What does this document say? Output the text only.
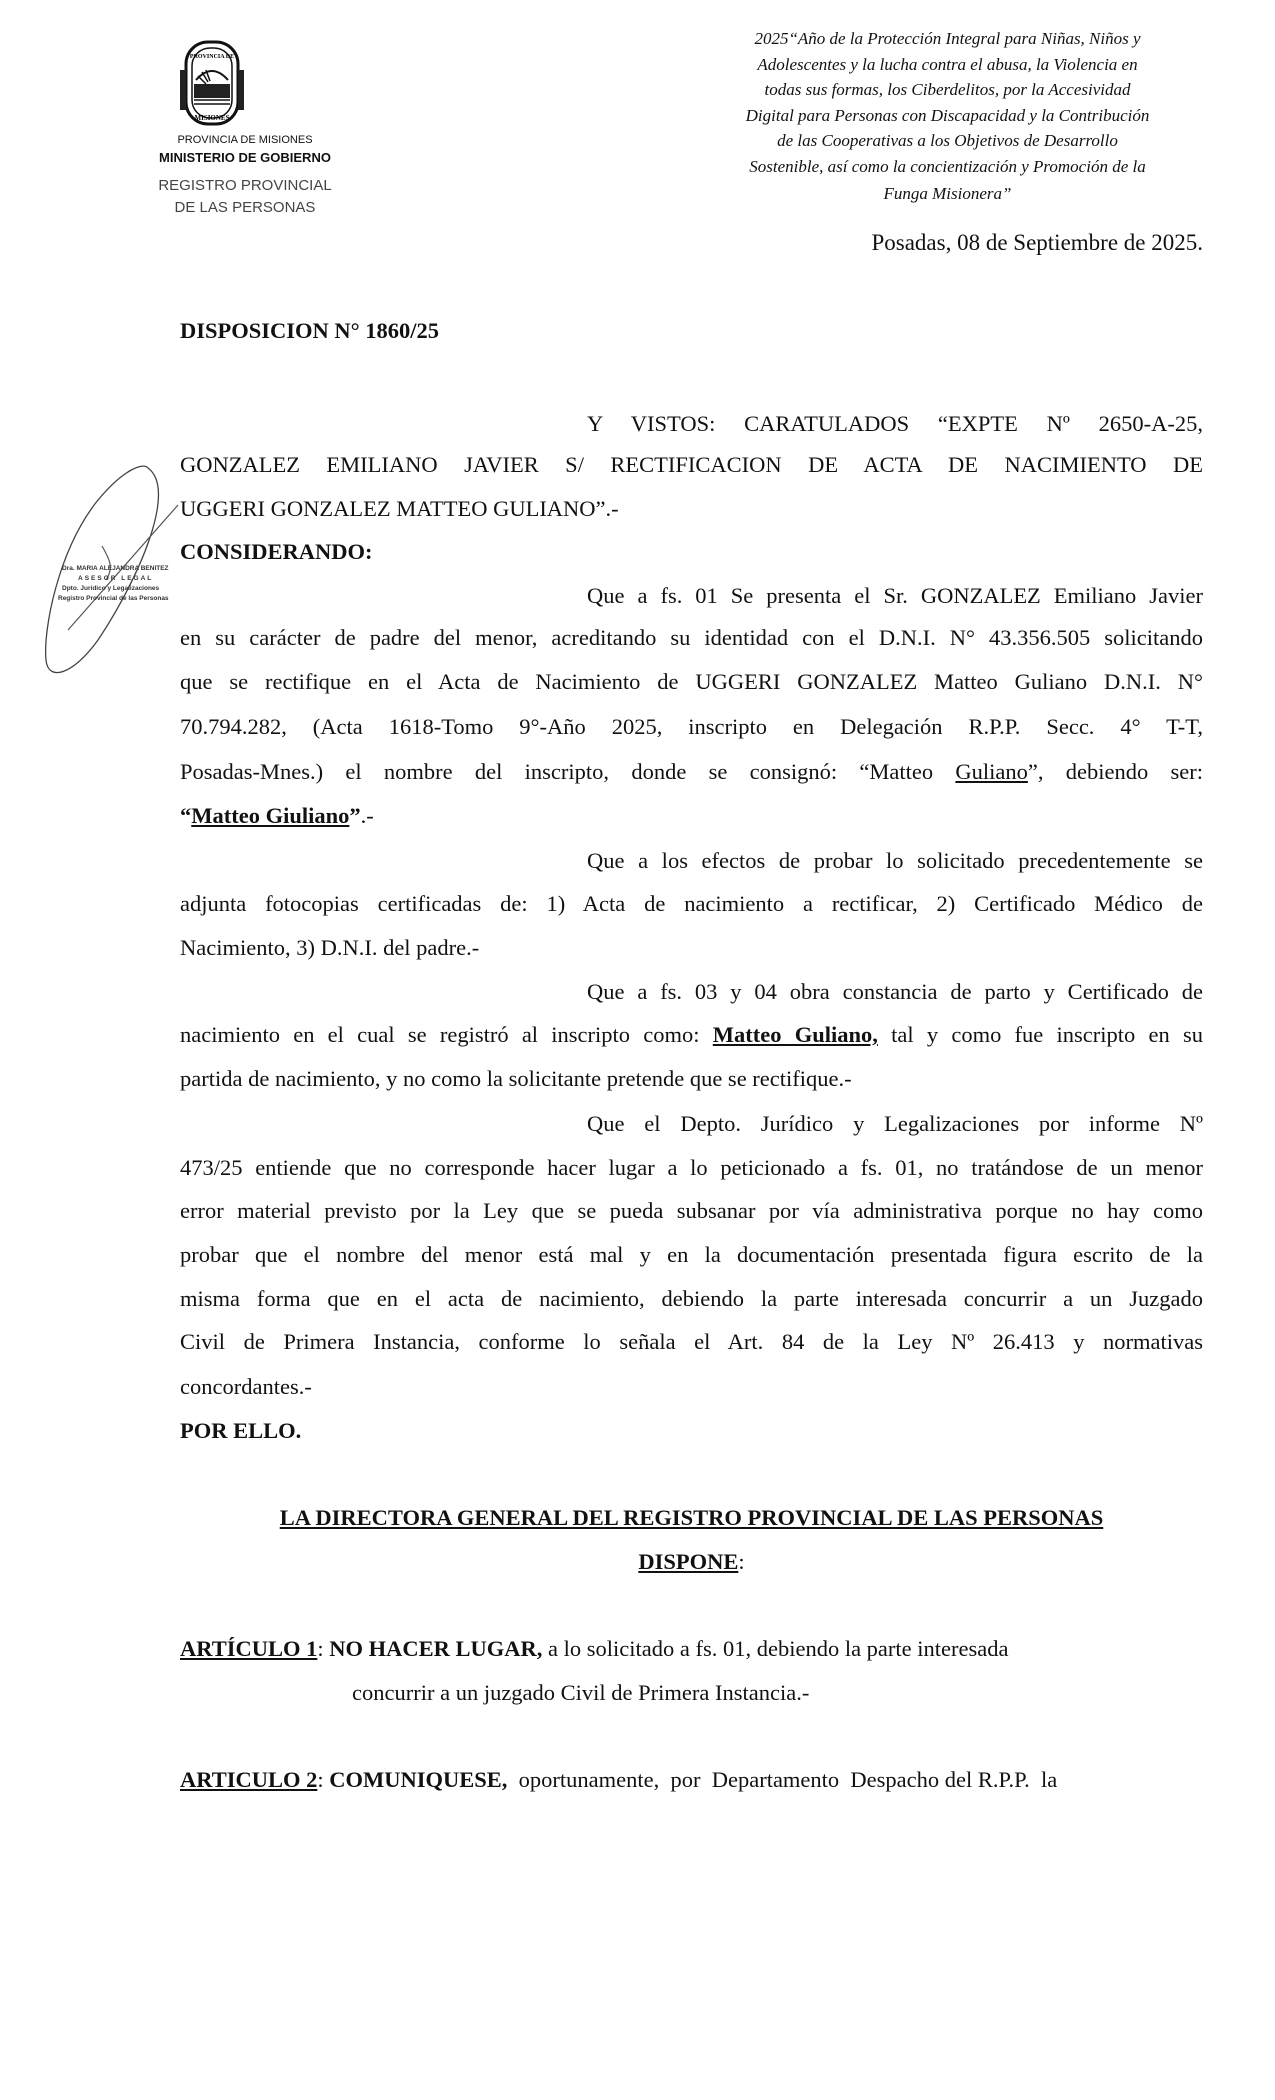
MISIONES
PROVINCIA DE
PROVINCIA DE MISIONES
MINISTERIO DE GOBIERNO
REGISTRO PROVINCIAL
DE LAS PERSONAS
2025“Año de la Protección Integral para Niñas, Niños y
Adolescentes y la lucha contra el abusa, la Violencia en
todas sus formas, los Ciberdelitos, por la Accesividad
Digital para Personas con Discapacidad y la Contribución
de las Cooperativas a los Objetivos de Desarrollo
Sostenible, así como la concientización y Promoción de la
Funga Misionera”
Posadas, 08 de Septiembre de 2025.
Dra. MARIA ALEJANDRA BENITEZ
ASESOR LEGAL
Dpto. Jurídico y Legalizaciones
Registro Provincial de las Personas
DISPOSICION N° 1860/25
Y VISTOS: CARATULADOS “EXPTE Nº 2650-A-25,
GONZALEZ EMILIANO JAVIER S/ RECTIFICACION DE ACTA DE NACIMIENTO DE
UGGERI GONZALEZ MATTEO GULIANO”.-
CONSIDERANDO:
Que a fs. 01 Se presenta el Sr. GONZALEZ Emiliano Javier
en su carácter de padre del menor, acreditando su identidad con el D.N.I. N° 43.356.505 solicitando
que se rectifique en el Acta de Nacimiento de UGGERI GONZALEZ Matteo Guliano D.N.I. N°
70.794.282, (Acta 1618-Tomo 9°-Año 2025, inscripto en Delegación R.P.P. Secc. 4° T-T,
Posadas-Mnes.) el nombre del inscripto, donde se consignó: “Matteo Guliano”, debiendo ser:
“Matteo Giuliano”.-
Que a los efectos de probar lo solicitado precedentemente se
adjunta fotocopias certificadas de: 1) Acta de nacimiento a rectificar, 2) Certificado Médico de
Nacimiento, 3) D.N.I. del padre.-
Que a fs. 03 y 04 obra constancia de parto y Certificado de
nacimiento en el cual se registró al inscripto como: Matteo Guliano, tal y como fue inscripto en su
partida de nacimiento, y no como la solicitante pretende que se rectifique.-
Que el Depto. Jurídico y Legalizaciones por informe Nº
473/25 entiende que no corresponde hacer lugar a lo peticionado a fs. 01, no tratándose de un menor
error material previsto por la Ley que se pueda subsanar por vía administrativa porque no hay como
probar que el nombre del menor está mal y en la documentación presentada figura escrito de la
misma forma que en el acta de nacimiento, debiendo la parte interesada concurrir a un Juzgado
Civil de Primera Instancia, conforme lo señala el Art. 84 de la Ley Nº 26.413 y normativas
concordantes.-
POR ELLO.
LA DIRECTORA GENERAL DEL REGISTRO PROVINCIAL DE LAS PERSONAS
DISPONE:
ARTÍCULO 1: NO HACER LUGAR, a lo solicitado a fs. 01, debiendo la parte interesada
concurrir a un juzgado Civil de Primera Instancia.-
ARTICULO 2: COMUNIQUESE,  oportunamente,  por  Departamento  Despacho del R.P.P.  la
